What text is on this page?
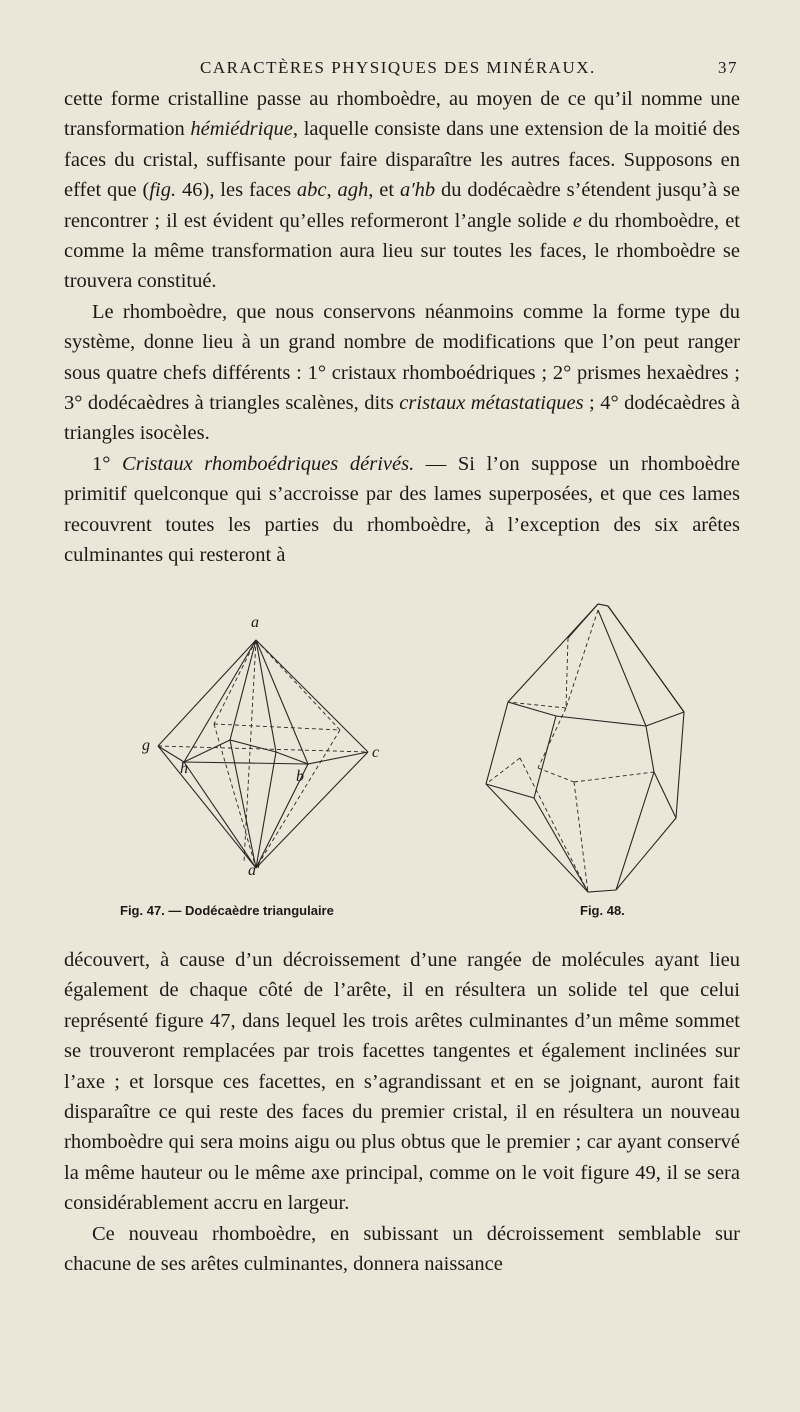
CARACTÈRES PHYSIQUES DES MINÉRAUX.	37

cette forme cristalline passe au rhomboèdre, au moyen de ce qu’il nomme une transformation hémiédrique, laquelle consiste dans une extension de la moitié des faces du cristal, suffisante pour faire disparaître les autres faces. Supposons en effet que (fig. 46), les faces abc, agh, et a′hb du dodécaèdre s’étendent jusqu’à se rencontrer ; il est évident qu’elles reformeront l’angle solide e du rhomboèdre, et comme la même transformation aura lieu sur toutes les faces, le rhomboèdre se trouvera constitué.

Le rhomboèdre, que nous conservons néanmoins comme la forme type du système, donne lieu à un grand nombre de modifications que l’on peut ranger sous quatre chefs différents : 1° cristaux rhomboédriques ; 2° prismes hexaèdres ; 3° dodécaèdres à triangles scalènes, dits cristaux métastatiques ; 4° dodécaèdres à triangles isocèles.

1° Cristaux rhomboédriques dérivés. — Si l’on suppose un rhomboèdre primitif quelconque qui s’accroisse par des lames superposées, et que ces lames recouvrent toutes les parties du rhomboèdre, à l’exception des six arêtes culminantes qui resteront à

a
g	c
h	b
a′
Fig. 47. — Dodécaèdre triangulaire	Fig. 48.

découvert, à cause d’un décroissement d’une rangée de molécules ayant lieu également de chaque côté de l’arête, il en résultera un solide tel que celui représenté figure 47, dans lequel les trois arêtes culminantes d’un même sommet se trouveront remplacées par trois facettes tangentes et également inclinées sur l’axe ; et lorsque ces facettes, en s’agrandissant et en se joignant, auront fait disparaître ce qui reste des faces du premier cristal, il en résultera un nouveau rhomboèdre qui sera moins aigu ou plus obtus que le premier ; car ayant conservé la même hauteur ou le même axe principal, comme on le voit figure 49, il se sera considérablement accru en largeur.

Ce nouveau rhomboèdre, en subissant un décroissement semblable sur chacune de ses arêtes culminantes, donnera naissance
